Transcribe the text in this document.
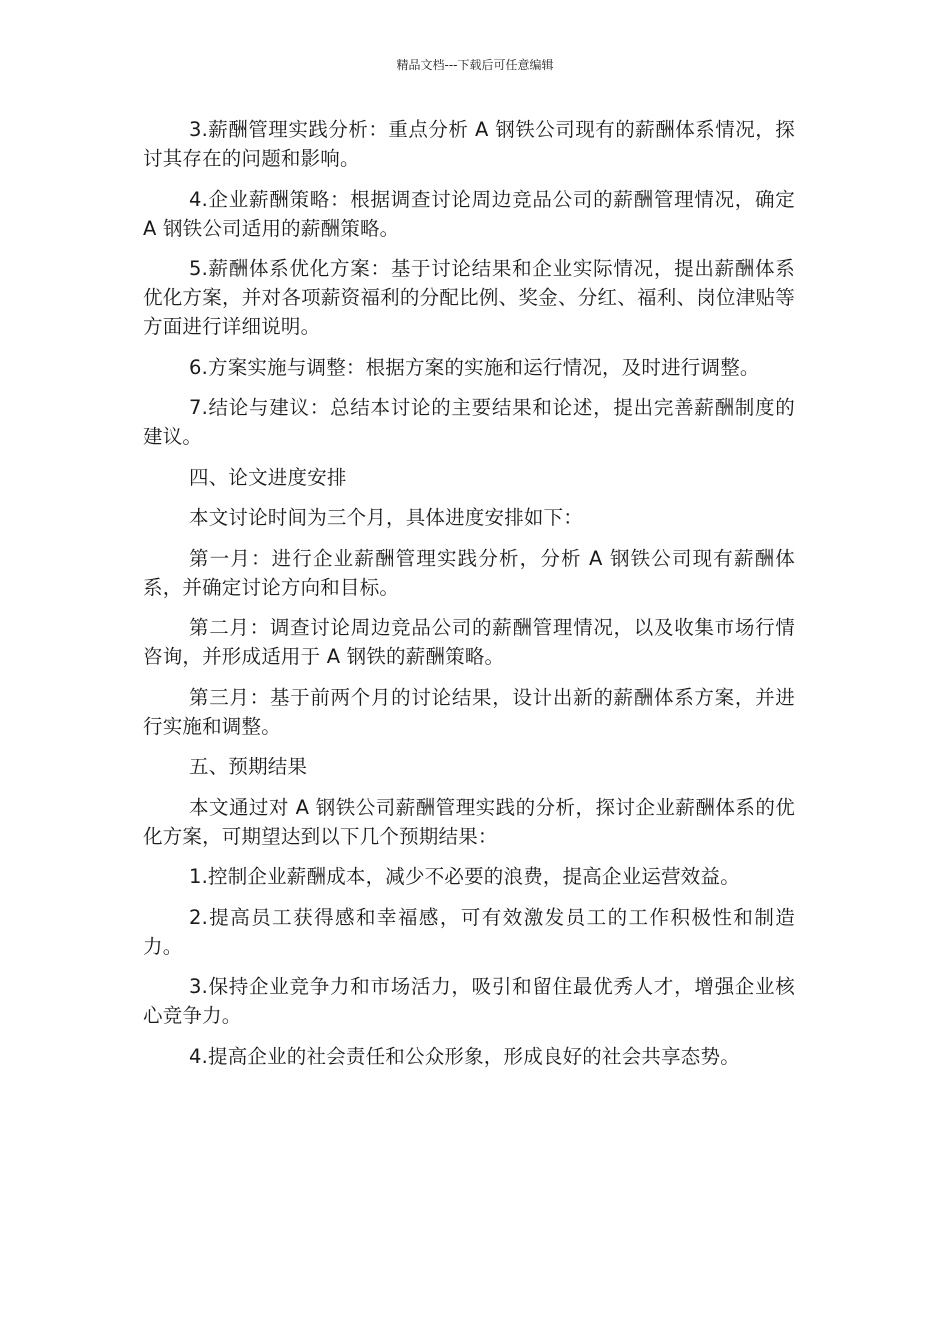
精品文档---下载后可任意编辑

3.薪酬管理实践分析：重点分析 A 钢铁公司现有的薪酬体系情况，探讨其存在的问题和影响。

4.企业薪酬策略：根据调查讨论周边竞品公司的薪酬管理情况，确定 A 钢铁公司适用的薪酬策略。

5.薪酬体系优化方案：基于讨论结果和企业实际情况，提出薪酬体系优化方案，并对各项薪资福利的分配比例、奖金、分红、福利、岗位津贴等方面进行详细说明。

6.方案实施与调整：根据方案的实施和运行情况，及时进行调整。

7.结论与建议：总结本讨论的主要结果和论述，提出完善薪酬制度的建议。

四、论文进度安排

本文讨论时间为三个月，具体进度安排如下：

第一月：进行企业薪酬管理实践分析，分析 A 钢铁公司现有薪酬体系，并确定讨论方向和目标。

第二月：调查讨论周边竞品公司的薪酬管理情况，以及收集市场行情咨询，并形成适用于 A 钢铁的薪酬策略。

第三月：基于前两个月的讨论结果，设计出新的薪酬体系方案，并进行实施和调整。

五、预期结果

本文通过对 A 钢铁公司薪酬管理实践的分析，探讨企业薪酬体系的优化方案，可期望达到以下几个预期结果：

1.控制企业薪酬成本，减少不必要的浪费，提高企业运营效益。

2.提高员工获得感和幸福感，可有效激发员工的工作积极性和制造力。

3.保持企业竞争力和市场活力，吸引和留住最优秀人才，增强企业核心竞争力。

4.提高企业的社会责任和公众形象，形成良好的社会共享态势。
